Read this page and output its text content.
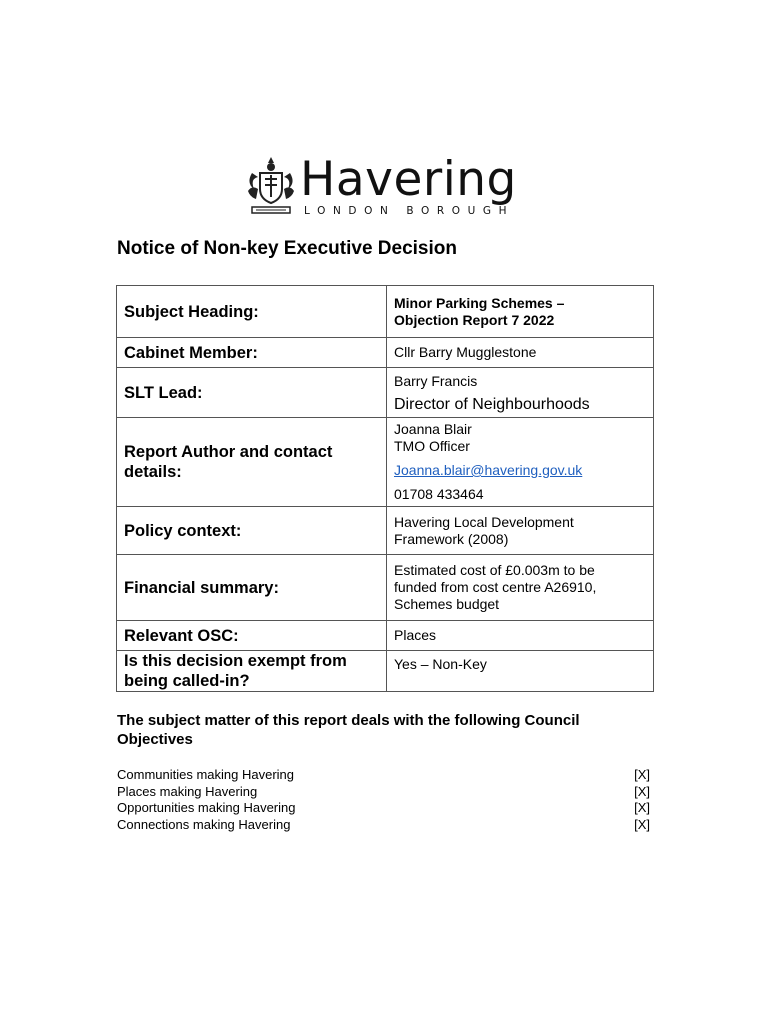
Havering
LONDON BOROUGH
Notice of Non-key Executive Decision
Subject Heading:	Minor Parking Schemes –
Objection Report 7 2022

Cabinet Member:	Cllr Barry Mugglestone
SLT Lead:	Barry Francis
Director of Neighbourhoods

Report Author and contact details:	Joanna Blair
TMO Officer
Joanna.blair@havering.gov.uk
01708 433464

Policy context:	Havering Local Development
Framework (2008)

Financial summary:	Estimated cost of £0.003m to be
funded from cost centre A26910,
Schemes budget

Relevant OSC:	Places
Is this decision exempt from being called-in?	Yes – Non-Key

The subject matter of this report deals with the following Council Objectives

Communities making Havering	[X]
Places making Havering	[X]
Opportunities making Havering	[X]
Connections making Havering	[X]
